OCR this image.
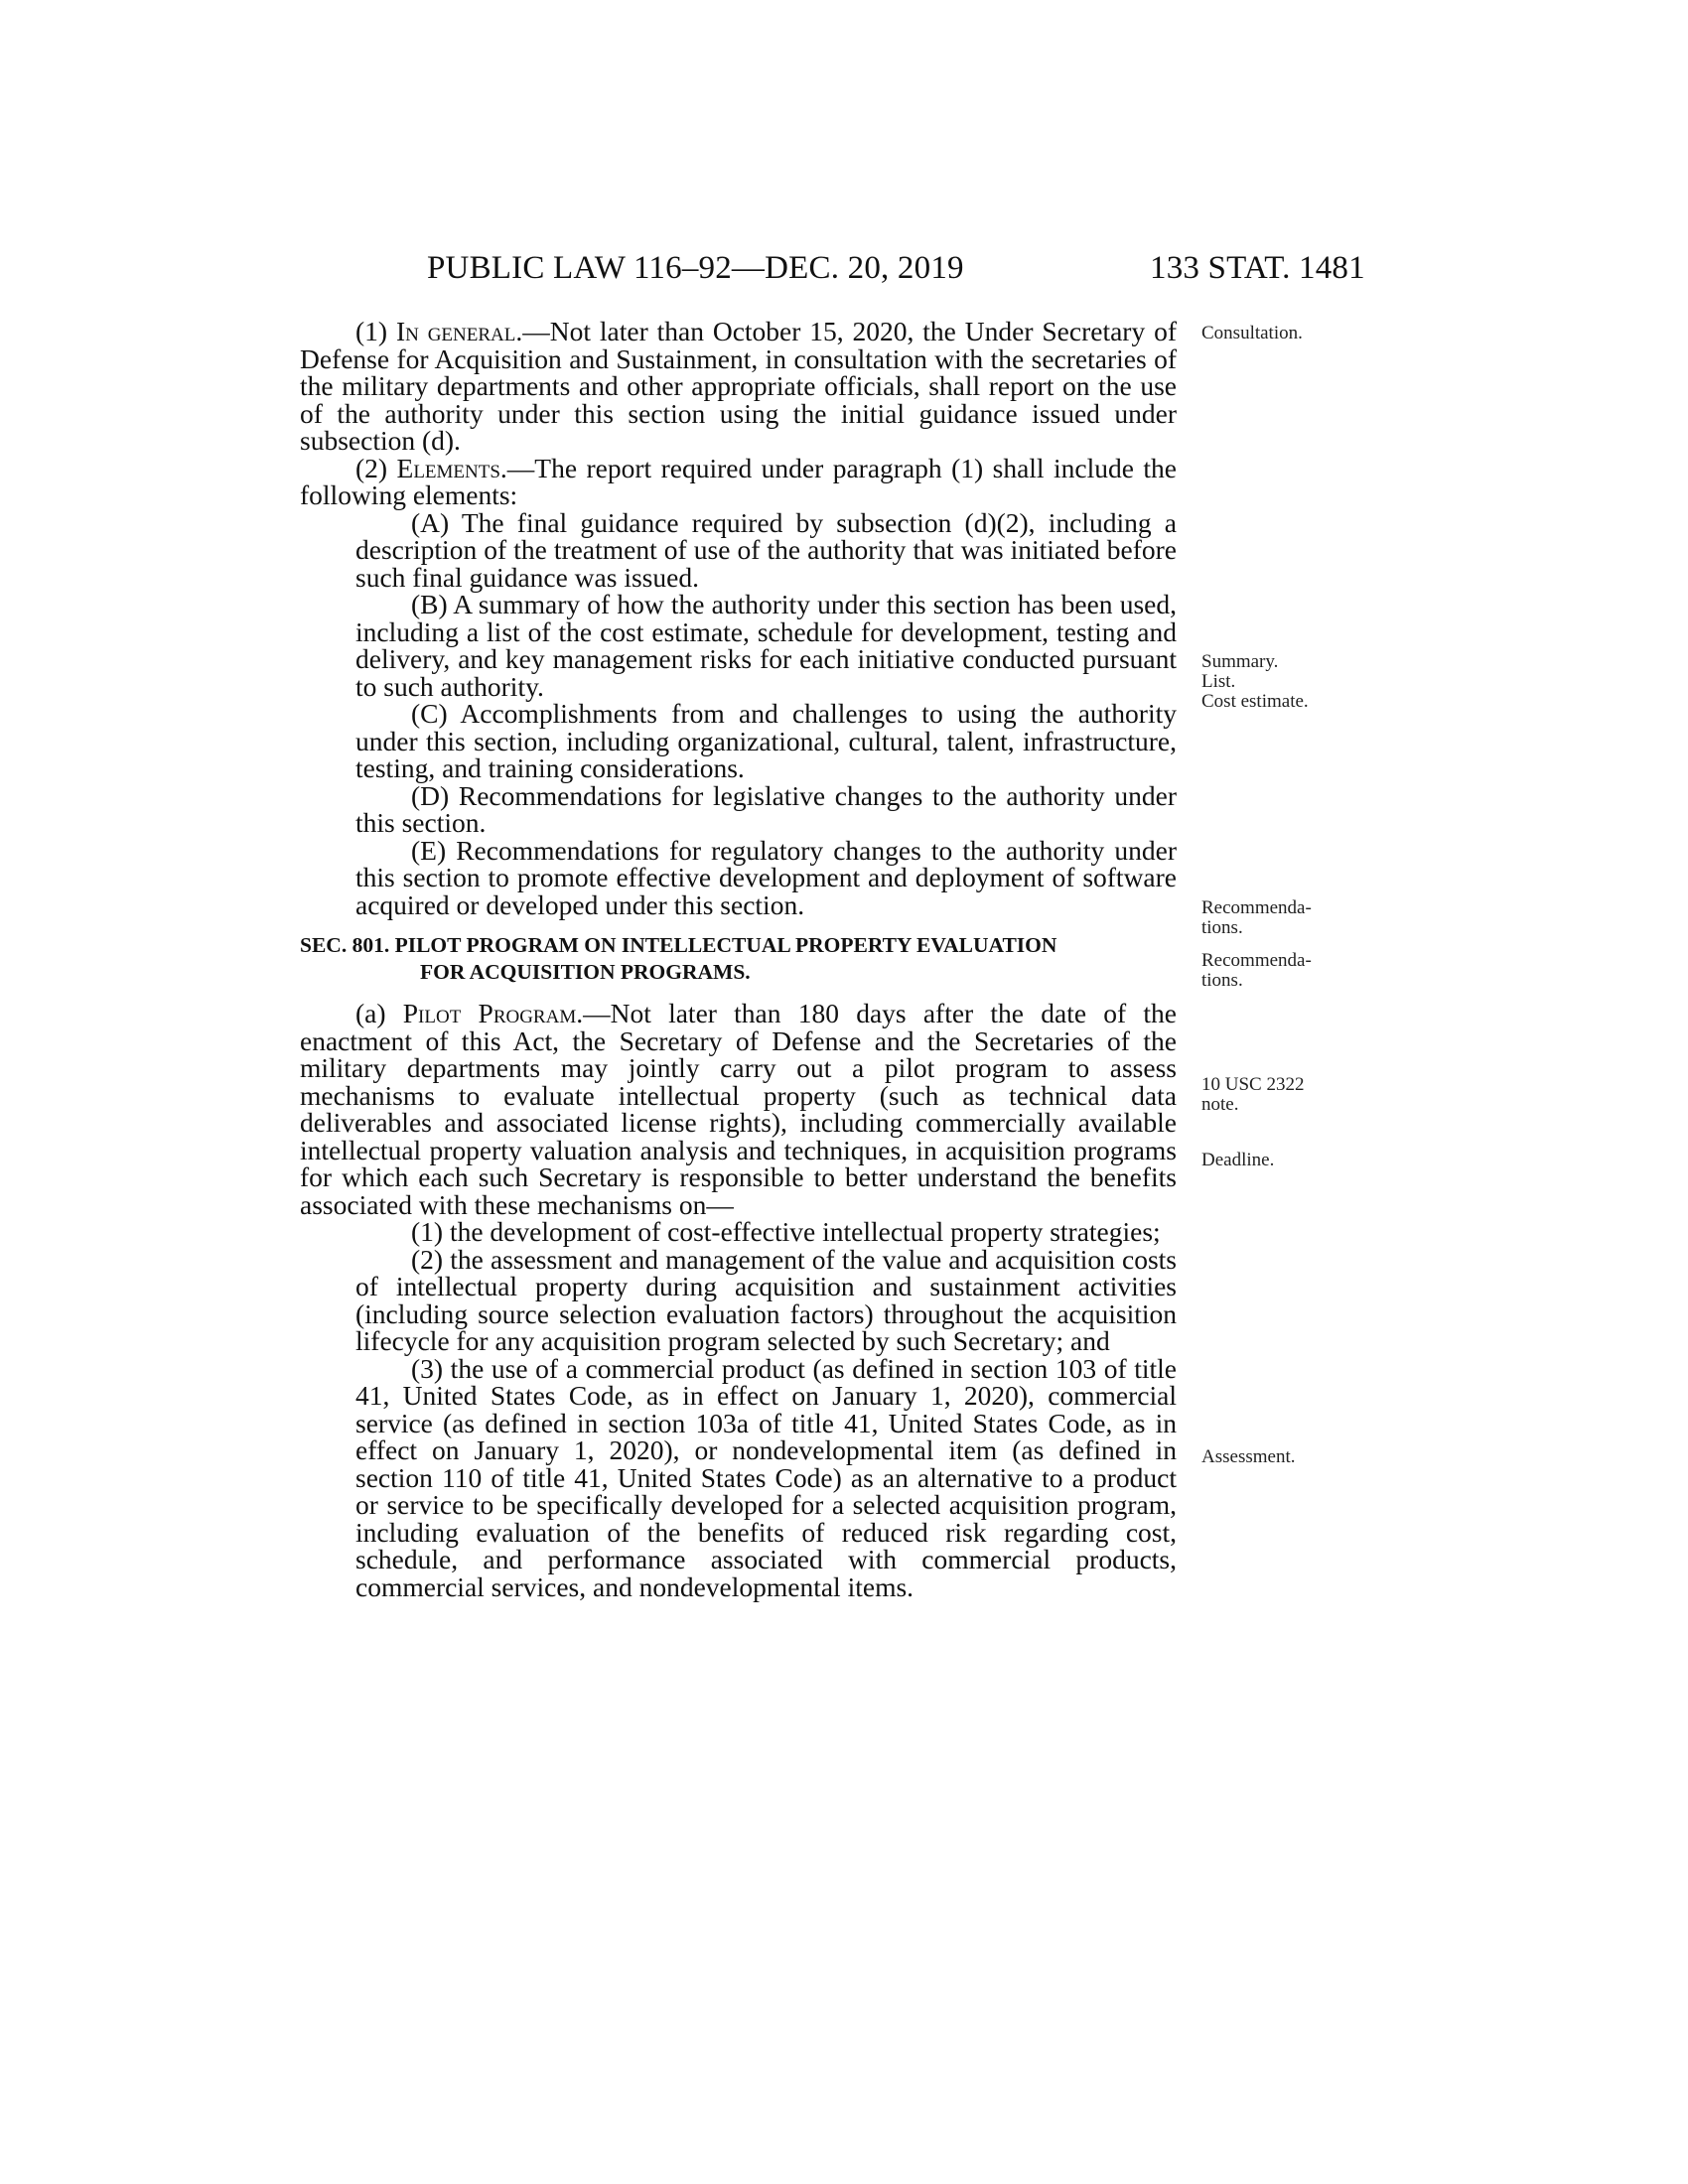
PUBLIC LAW 116–92—DEC. 20, 2019	133 STAT. 1481

(1) In general.—Not later than October 15, 2020, the Under Secretary of Defense for Acquisition and Sustainment, in consultation with the secretaries of the military departments and other appropriate officials, shall report on the use of the authority under this section using the initial guidance issued under subsection (d).

(2) Elements.—The report required under paragraph (1) shall include the following elements:

(A) The final guidance required by subsection (d)(2), including a description of the treatment of use of the authority that was initiated before such final guidance was issued.

(B) A summary of how the authority under this section has been used, including a list of the cost estimate, schedule for development, testing and delivery, and key management risks for each initiative conducted pursuant to such authority.

(C) Accomplishments from and challenges to using the authority under this section, including organizational, cultural, talent, infrastructure, testing, and training considerations.

(D) Recommendations for legislative changes to the authority under this section.

(E) Recommendations for regulatory changes to the authority under this section to promote effective development and deployment of software acquired or developed under this section.

SEC. 801. PILOT PROGRAM ON INTELLECTUAL PROPERTY EVALUATION
FOR ACQUISITION PROGRAMS.

(a) Pilot Program.—Not later than 180 days after the date of the enactment of this Act, the Secretary of Defense and the Secretaries of the military departments may jointly carry out a pilot program to assess mechanisms to evaluate intellectual property (such as technical data deliverables and associated license rights), including commercially available intellectual property valuation analysis and techniques, in acquisition programs for which each such Secretary is responsible to better understand the benefits associated with these mechanisms on—

(1) the development of cost-effective intellectual property strategies;

(2) the assessment and management of the value and acquisition costs of intellectual property during acquisition and sustainment activities (including source selection evaluation factors) throughout the acquisition lifecycle for any acquisition program selected by such Secretary; and

(3) the use of a commercial product (as defined in section 103 of title 41, United States Code, as in effect on January 1, 2020), commercial service (as defined in section 103a of title 41, United States Code, as in effect on January 1, 2020), or nondevelopmental item (as defined in section 110 of title 41, United States Code) as an alternative to a product or service to be specifically developed for a selected acquisition program, including evaluation of the benefits of reduced risk regarding cost, schedule, and performance associated with commercial products, commercial services, and nondevelopmental items.

Consultation.
Summary.
List.
Cost estimate.
Recommenda-
tions.
Recommenda-
tions.
10 USC 2322
note.
Deadline.
Assessment.
